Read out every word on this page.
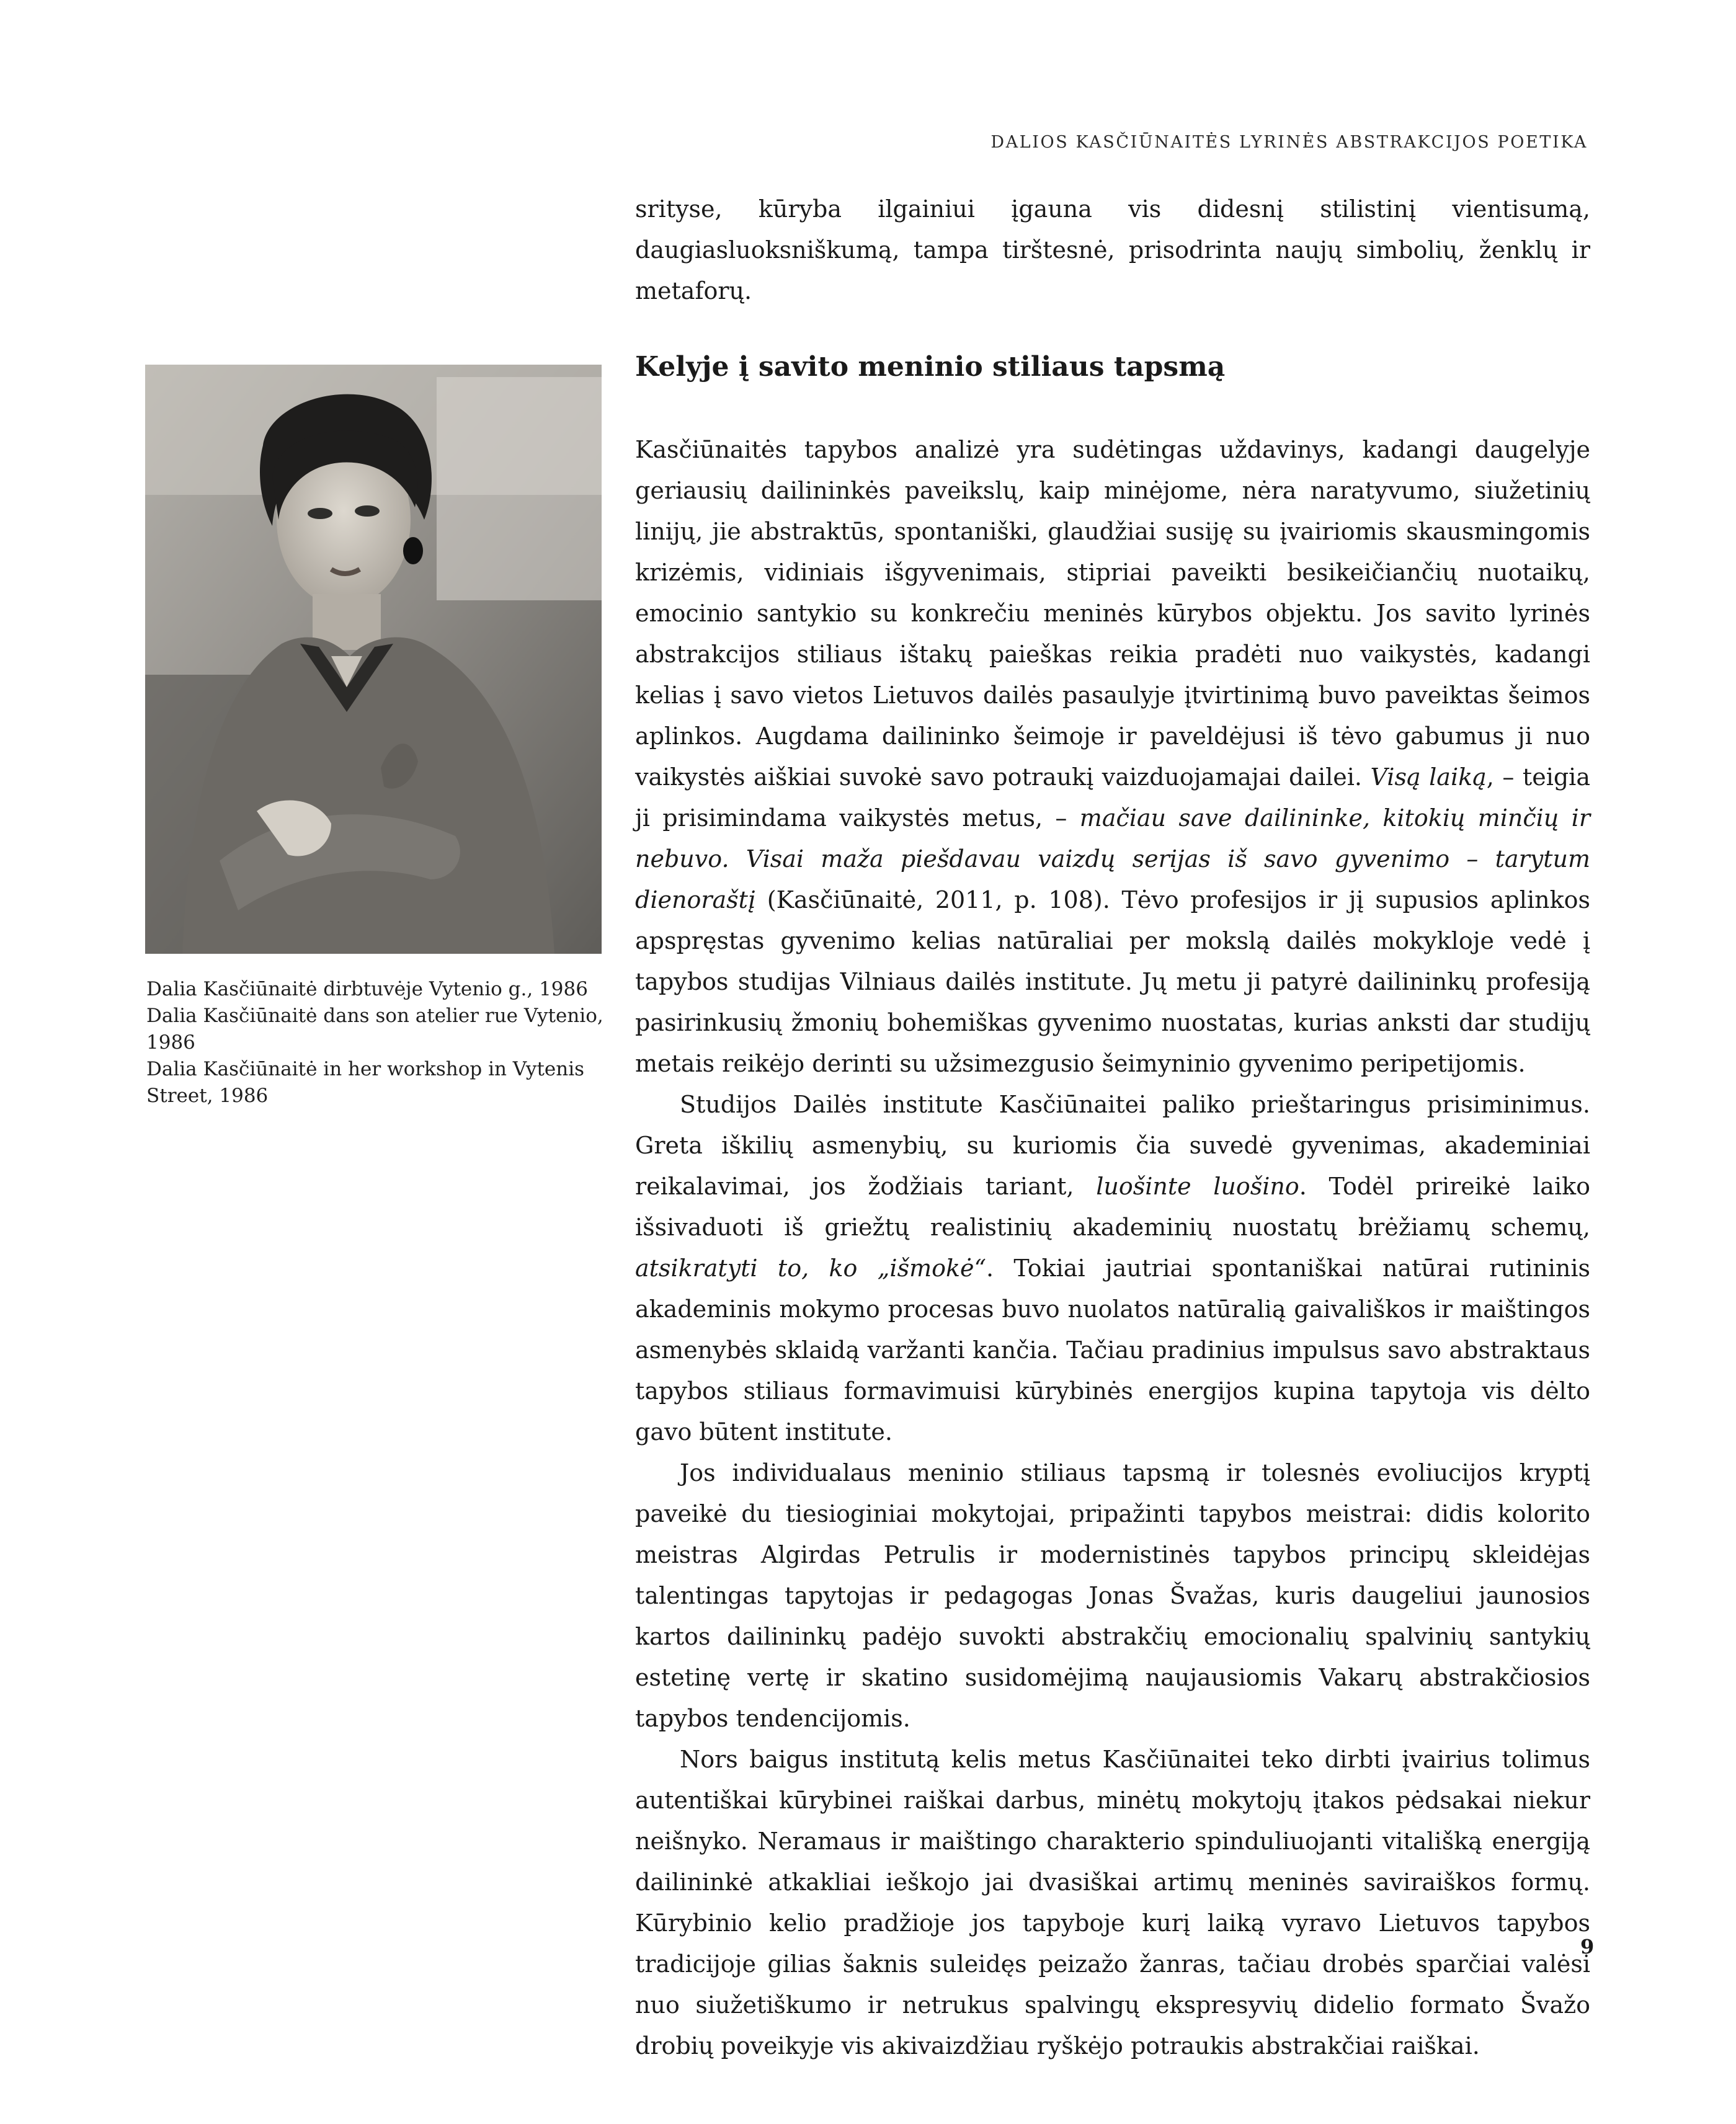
DALIOS KASČIŪNAITĖS LYRINĖS ABSTRAKCIJOS POETIKA

srityse, kūryba ilgainiui įgauna vis didesnį stilistinį vientisumą, daugiasluoksniškumą, tampa tirštesnė, prisodrinta naujų simbolių, ženklų ir metaforų.

Dalia Kasčiūnaitė dirbtuvėje Vytenio g., 1986
Dalia Kasčiūnaitė dans son atelier rue Vytenio, 1986
Dalia Kasčiūnaitė in her workshop in Vytenis Street, 1986
Kelyje į savito meninio stiliaus tapsmą

Kasčiūnaitės tapybos analizė yra sudėtingas uždavinys, kadangi daugelyje geriausių dailininkės paveikslų, kaip minėjome, nėra naratyvumo, siužetinių linijų, jie abstraktūs, spontaniški, glaudžiai susiję su įvairiomis skausmingomis krizėmis, vidiniais išgyvenimais, stipriai paveikti besikeičiančių nuotaikų, emocinio santykio su konkrečiu meninės kūrybos objektu. Jos savito lyrinės abstrakcijos stiliaus ištakų paieškas reikia pradėti nuo vaikystės, kadangi kelias į savo vietos Lietuvos dailės pasaulyje įtvirtinimą buvo paveiktas šeimos aplinkos. Augdama dailininko šeimoje ir paveldėjusi iš tėvo gabumus ji nuo vaikystės aiškiai suvokė savo potraukį vaizduojamajai dailei. Visą laiką, – teigia ji prisimindama vaikystės metus, – mačiau save dailininke, kitokių minčių ir nebuvo. Visai maža piešdavau vaizdų serijas iš savo gyvenimo – tarytum dienoraštį (Kasčiūnaitė, 2011, p. 108). Tėvo profesijos ir jį supusios aplinkos apspręstas gyvenimo kelias natūraliai per mokslą dailės mokykloje vedė į tapybos studijas Vilniaus dailės institute. Jų metu ji patyrė dailininkų profesiją pasirinkusių žmonių bohemiškas gyvenimo nuostatas, kurias anksti dar studijų metais reikėjo derinti su užsimezgusio šeimyninio gyvenimo peripetijomis.

Studijos Dailės institute Kasčiūnaitei paliko prieštaringus prisiminimus. Greta iškilių asmenybių, su kuriomis čia suvedė gyvenimas, akademiniai reikalavimai, jos žodžiais tariant, luošinte luošino. Todėl prireikė laiko išsivaduoti iš griežtų realistinių akademinių nuostatų brėžiamų schemų, atsikratyti to, ko „išmokė“. Tokiai jautriai spontaniškai natūrai rutininis akademinis mokymo procesas buvo nuolatos natūralią gaivališkos ir maištingos asmenybės sklaidą varžanti kančia. Tačiau pradinius impulsus savo abstraktaus tapybos stiliaus formavimuisi kūrybinės energijos kupina tapytoja vis dėlto gavo būtent institute.

Jos individualaus meninio stiliaus tapsmą ir tolesnės evoliucijos kryptį paveikė du tiesioginiai mokytojai, pripažinti tapybos meistrai: didis kolorito meistras Algirdas Petrulis ir modernistinės tapybos principų skleidėjas talentingas tapytojas ir pedagogas Jonas Švažas, kuris daugeliui jaunosios kartos dailininkų padėjo suvokti abstrakčių emocionalių spalvinių santykių estetinę vertę ir skatino susidomėjimą naujausiomis Vakarų abstrakčiosios tapybos tendencijomis.

Nors baigus institutą kelis metus Kasčiūnaitei teko dirbti įvairius tolimus autentiškai kūrybinei raiškai darbus, minėtų mokytojų įtakos pėdsakai niekur neišnyko. Neramaus ir maištingo charakterio spinduliuojanti vitališką energiją dailininkė atkakliai ieškojo jai dvasiškai artimų meninės saviraiškos formų. Kūrybinio kelio pradžioje jos tapyboje kurį laiką vyravo Lietuvos tapybos tradicijoje gilias šaknis suleidęs peizažo žanras, tačiau drobės sparčiai valėsi nuo siužetiškumo ir netrukus spalvingų ekspresyvių didelio formato Švažo drobių poveikyje vis akivaizdžiau ryškėjo potraukis abstrakčiai raiškai.

9
